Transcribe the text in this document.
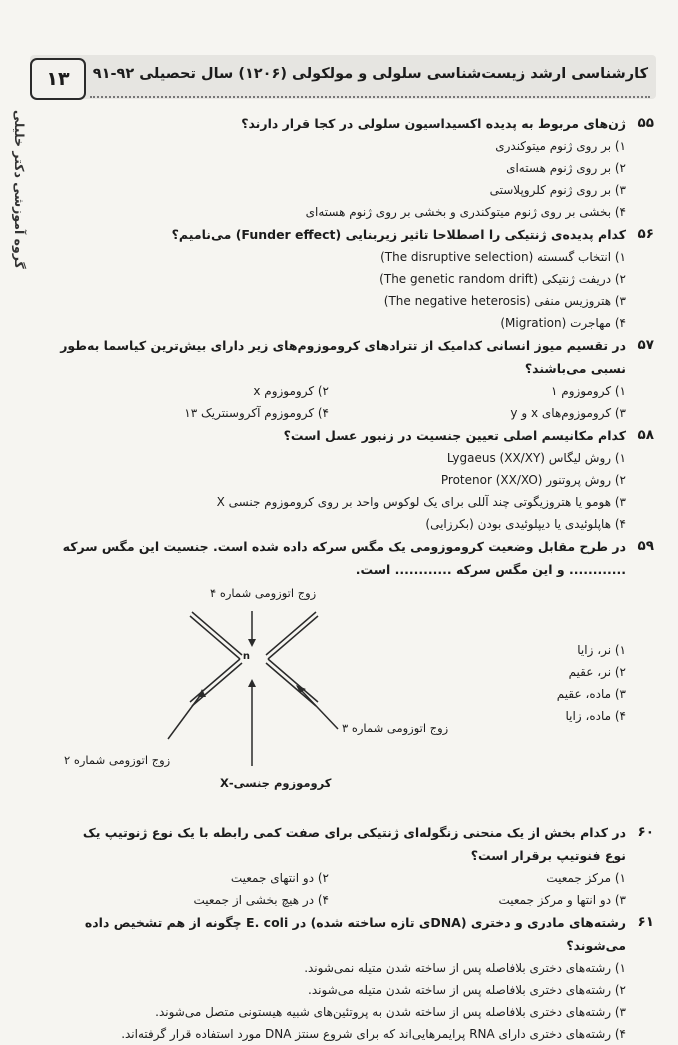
۱۳	کارشناسی ارشد زیست‌شناسی سلولی و مولکولی (۱۲۰۶) سال تحصیلی ۹۲-۹۱
گروه آموزشی دکتر خلیلی	۵۵
ژن‌های مربوط به پدیده اکسیداسیون سلولی در کجا قرار دارند؟
۱) بر روی ژنوم میتوکندری
۲) بر روی ژنوم هسته‌ای
۳) بر روی ژنوم کلروپلاستی
۴) بخشی بر روی ژنوم میتوکندری و بخشی بر روی ژنوم هسته‌ای
۵۶
کدام پدیده‌ی ژنتیکی را اصطلاحا تاثیر زیربنایی (Funder effect) می‌نامیم؟
۱) انتخاب گسسته (The disruptive selection)
۲) دریفت ژنتیکی (The genetic random drift)
۳) هتروزیس منفی (The negative heterosis)
۴) مهاجرت (Migration)
۵۷
در تقسیم میوز انسانی کدامیک از تترادهای کروموزوم‌های زیر دارای بیش‌ترین کیاسما به‌طور نسبی می‌باشند؟
۱) کروموزوم ۱
۲) کروموزوم x
۳) کروموزوم‌های x و y
۴) کروموزوم آکروسنتریک ۱۳
۵۸
کدام مکانیسم اصلی تعیین جنسیت در زنبور عسل است؟
۱) روش لیگاس (XX/XY) Lygaeus
۲) روش پروتنور (XX/XO) Protenor
۳) هومو یا هتروزیگوتی چند آللی برای یک لوکوس واحد بر روی کروموزوم جنسی X
۴) هاپلوئیدی یا دیپلوئیدی بودن (بکرزایی)
۵۹
در طرح مقابل وضعیت کروموزومی یک مگس سرکه داده شده است. جنسیت این مگس سرکه ............ و این مگس سرکه ............ است.
n
زوج اتوزومی شماره ۴
زوج اتوزومی شماره ۳
زوج اتوزومی شماره ۲
کروموزوم جنسی-X
۱) نر، زایا
۲) نر، عقیم
۳) ماده، عقیم
۴) ماده، زایا
۶۰
در کدام بخش از یک منحنی زنگوله‌ای ژنتیکی برای صفت کمی رابطه با یک نوع ژنوتیپ یک نوع فنوتیپ برقرار است؟
۱) مرکز جمعیت
۲) دو انتهای جمعیت
۳) دو انتها و مرکز جمعیت
۴) در هیچ بخشی از جمعیت
۶۱
رشته‌های مادری و دختری (DNAی تازه ساخته شده) در E. coli چگونه از هم تشخیص داده می‌شوند؟
۱) رشته‌های دختری بلافاصله پس از ساخته شدن متیله نمی‌شوند.
۲) رشته‌های دختری بلافاصله پس از ساخته شدن متیله می‌شوند.
۳) رشته‌های دختری بلافاصله پس از ساخته شدن به پروتئین‌های شبیه هیستونی متصل می‌شوند.
۴) رشته‌های دختری دارای RNA پرایمرهایی‌اند که برای شروع سنتز DNA مورد استفاده قرار گرفته‌اند.
